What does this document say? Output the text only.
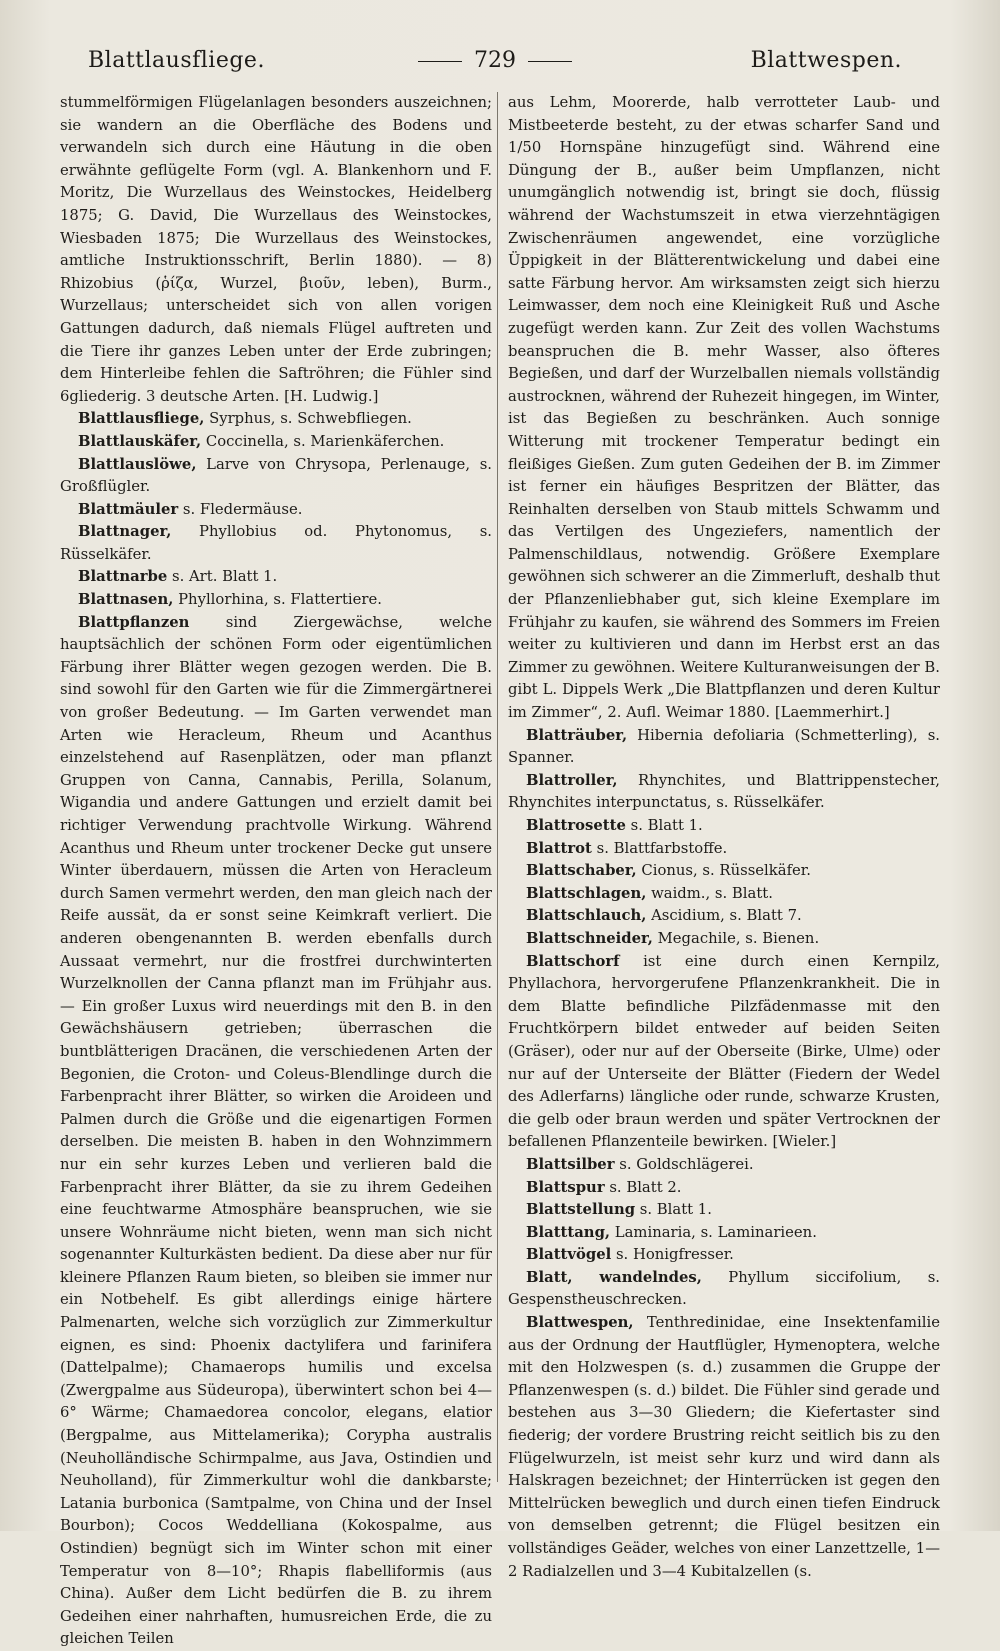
Blattlausfliege.	729	Blattwespen.

stummelförmigen Flügelanlagen besonders auszeichnen; sie wandern an die Oberfläche des Bodens und verwandeln sich durch eine Häutung in die oben erwähnte geflügelte Form (vgl. A. Blankenhorn und F. Moritz, Die Wurzellaus des Weinstockes, Heidelberg 1875; G. David, Die Wurzellaus des Weinstockes, Wiesbaden 1875; Die Wurzellaus des Weinstockes, amtliche Instruktionsschrift, Berlin 1880). — 8) Rhizobius (ῥίζα, Wurzel, βιοῦν, leben), Burm., Wurzellaus; unterscheidet sich von allen vorigen Gattungen dadurch, daß niemals Flügel auftreten und die Tiere ihr ganzes Leben unter der Erde zubringen; dem Hinterleibe fehlen die Saftröhren; die Fühler sind 6gliederig. 3 deutsche Arten. [H. Ludwig.]

Blattlausfliege, Syrphus, s. Schwebfliegen.

Blattlauskäfer, Coccinella, s. Marienkäferchen.

Blattlauslöwe, Larve von Chrysopa, Perlenauge, s. Großflügler.

Blattmäuler s. Fledermäuse.

Blattnager, Phyllobius od. Phytonomus, s. Rüsselkäfer.

Blattnarbe s. Art. Blatt 1.

Blattnasen, Phyllorhina, s. Flattertiere.

Blattpflanzen sind Ziergewächse, welche hauptsächlich der schönen Form oder eigentümlichen Färbung ihrer Blätter wegen gezogen werden. Die B. sind sowohl für den Garten wie für die Zimmergärtnerei von großer Bedeutung. — Im Garten verwendet man Arten wie Heracleum, Rheum und Acanthus einzelstehend auf Rasenplätzen, oder man pflanzt Gruppen von Canna, Cannabis, Perilla, Solanum, Wigandia und andere Gattungen und erzielt damit bei richtiger Verwendung prachtvolle Wirkung. Während Acanthus und Rheum unter trockener Decke gut unsere Winter überdauern, müssen die Arten von Heracleum durch Samen vermehrt werden, den man gleich nach der Reife aussät, da er sonst seine Keimkraft verliert. Die anderen obengenannten B. werden ebenfalls durch Aussaat vermehrt, nur die frostfrei durchwinterten Wurzelknollen der Canna pflanzt man im Frühjahr aus. — Ein großer Luxus wird neuerdings mit den B. in den Gewächshäusern getrieben; überraschen die buntblätterigen Dracänen, die verschiedenen Arten der Begonien, die Croton- und Coleus-Blendlinge durch die Farbenpracht ihrer Blätter, so wirken die Aroideen und Palmen durch die Größe und die eigenartigen Formen derselben. Die meisten B. haben in den Wohnzimmern nur ein sehr kurzes Leben und verlieren bald die Farbenpracht ihrer Blätter, da sie zu ihrem Gedeihen eine feuchtwarme Atmosphäre beanspruchen, wie sie unsere Wohnräume nicht bieten, wenn man sich nicht sogenannter Kulturkästen bedient. Da diese aber nur für kleinere Pflanzen Raum bieten, so bleiben sie immer nur ein Notbehelf. Es gibt allerdings einige härtere Palmenarten, welche sich vorzüglich zur Zimmerkultur eignen, es sind: Phoenix dactylifera und farinifera (Dattelpalme); Chamaerops humilis und excelsa (Zwergpalme aus Südeuropa), überwintert schon bei 4—6° Wärme; Chamaedorea concolor, elegans, elatior (Bergpalme, aus Mittelamerika); Corypha australis (Neuholländische Schirmpalme, aus Java, Ostindien und Neuholland), für Zimmerkultur wohl die dankbarste; Latania burbonica (Samtpalme, von China und der Insel Bourbon); Cocos Weddelliana (Kokospalme, aus Ostindien) begnügt sich im Winter schon mit einer Temperatur von 8—10°; Rhapis flabelliformis (aus China). Außer dem Licht bedürfen die B. zu ihrem Gedeihen einer nahrhaften, humusreichen Erde, die zu gleichen Teilen

aus Lehm, Moorerde, halb verrotteter Laub- und Mistbeeterde besteht, zu der etwas scharfer Sand und 1/50 Hornspäne hinzugefügt sind. Während eine Düngung der B., außer beim Umpflanzen, nicht unumgänglich notwendig ist, bringt sie doch, flüssig während der Wachstumszeit in etwa vierzehntägigen Zwischenräumen angewendet, eine vorzügliche Üppigkeit in der Blätterentwickelung und dabei eine satte Färbung hervor. Am wirksamsten zeigt sich hierzu Leimwasser, dem noch eine Kleinigkeit Ruß und Asche zugefügt werden kann. Zur Zeit des vollen Wachstums beanspruchen die B. mehr Wasser, also öfteres Begießen, und darf der Wurzelballen niemals vollständig austrocknen, während der Ruhezeit hingegen, im Winter, ist das Begießen zu beschränken. Auch sonnige Witterung mit trockener Temperatur bedingt ein fleißiges Gießen. Zum guten Gedeihen der B. im Zimmer ist ferner ein häufiges Bespritzen der Blätter, das Reinhalten derselben von Staub mittels Schwamm und das Vertilgen des Ungeziefers, namentlich der Palmenschildlaus, notwendig. Größere Exemplare gewöhnen sich schwerer an die Zimmerluft, deshalb thut der Pflanzenliebhaber gut, sich kleine Exemplare im Frühjahr zu kaufen, sie während des Sommers im Freien weiter zu kultivieren und dann im Herbst erst an das Zimmer zu gewöhnen. Weitere Kulturanweisungen der B. gibt L. Dippels Werk „Die Blattpflanzen und deren Kultur im Zimmer“, 2. Aufl. Weimar 1880. [Laemmerhirt.]

Blatträuber, Hibernia defoliaria (Schmetterling), s. Spanner.

Blattroller, Rhynchites, und Blattrippenstecher, Rhynchites interpunctatus, s. Rüsselkäfer.

Blattrosette s. Blatt 1.

Blattrot s. Blattfarbstoffe.

Blattschaber, Cionus, s. Rüsselkäfer.

Blattschlagen, waidm., s. Blatt.

Blattschlauch, Ascidium, s. Blatt 7.

Blattschneider, Megachile, s. Bienen.

Blattschorf ist eine durch einen Kernpilz, Phyllachora, hervorgerufene Pflanzenkrankheit. Die in dem Blatte befindliche Pilzfädenmasse mit den Fruchtkörpern bildet entweder auf beiden Seiten (Gräser), oder nur auf der Oberseite (Birke, Ulme) oder nur auf der Unterseite der Blätter (Fiedern der Wedel des Adlerfarns) längliche oder runde, schwarze Krusten, die gelb oder braun werden und später Vertrocknen der befallenen Pflanzenteile bewirken. [Wieler.]

Blattsilber s. Goldschlägerei.

Blattspur s. Blatt 2.

Blattstellung s. Blatt 1.

Blatttang, Laminaria, s. Laminarieen.

Blattvögel s. Honigfresser.

Blatt, wandelndes, Phyllum siccifolium, s. Gespenstheuschrecken.

Blattwespen, Tenthredinidae, eine Insektenfamilie aus der Ordnung der Hautflügler, Hymenoptera, welche mit den Holzwespen (s. d.) zusammen die Gruppe der Pflanzenwespen (s. d.) bildet. Die Fühler sind gerade und bestehen aus 3—30 Gliedern; die Kiefertaster sind fiederig; der vordere Brustring reicht seitlich bis zu den Flügelwurzeln, ist meist sehr kurz und wird dann als Halskragen bezeichnet; der Hinterrücken ist gegen den Mittelrücken beweglich und durch einen tiefen Eindruck von demselben getrennt; die Flügel besitzen ein vollständiges Geäder, welches von einer Lanzettzelle, 1—2 Radialzellen und 3—4 Kubitalzellen (s.
